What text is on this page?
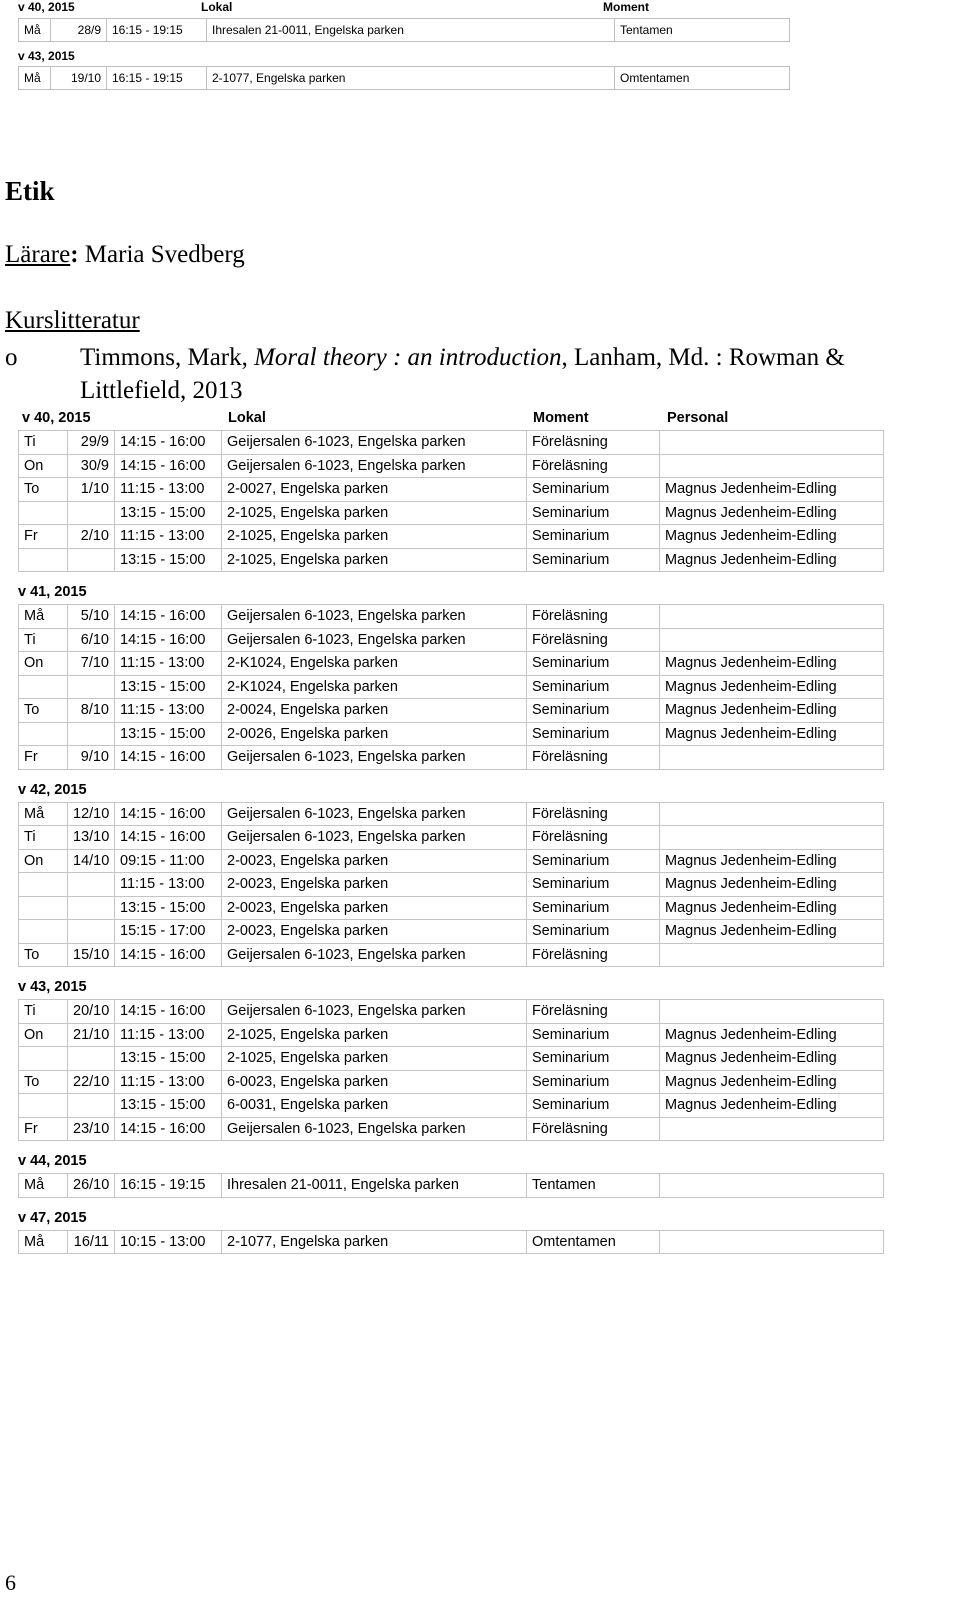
v 40, 2015	Lokal	Moment
Må	28/9 16:15 - 19:15	Ihresalen 21-0011, Engelska parken	Tentamen
v 43, 2015
Må	19/10 16:15 - 19:15	2-1077, Engelska parken	Omtentamen
Etik
Lärare: Maria Svedberg
Kurslitteratur
o	Timmons, Mark, Moral theory : an introduction, Lanham, Md. : Rowman & Littlefield, 2013
v 40, 2015	Lokal	Moment	Personal
Ti	29/9	14:15 - 16:00	Geijersalen 6-1023, Engelska parken	Föreläsning	
On	30/9	14:15 - 16:00	Geijersalen 6-1023, Engelska parken	Föreläsning	
To	1/10	11:15 - 13:00	2-0027, Engelska parken	Seminarium	Magnus Jedenheim-Edling
		13:15 - 15:00	2-1025, Engelska parken	Seminarium	Magnus Jedenheim-Edling
Fr	2/10	11:15 - 13:00	2-1025, Engelska parken	Seminarium	Magnus Jedenheim-Edling
		13:15 - 15:00	2-1025, Engelska parken	Seminarium	Magnus Jedenheim-Edling
v 41, 2015
Må	5/10	14:15 - 16:00	Geijersalen 6-1023, Engelska parken	Föreläsning	
Ti	6/10	14:15 - 16:00	Geijersalen 6-1023, Engelska parken	Föreläsning	
On	7/10	11:15 - 13:00	2-K1024, Engelska parken	Seminarium	Magnus Jedenheim-Edling
		13:15 - 15:00	2-K1024, Engelska parken	Seminarium	Magnus Jedenheim-Edling
To	8/10	11:15 - 13:00	2-0024, Engelska parken	Seminarium	Magnus Jedenheim-Edling
		13:15 - 15:00	2-0026, Engelska parken	Seminarium	Magnus Jedenheim-Edling
Fr	9/10	14:15 - 16:00	Geijersalen 6-1023, Engelska parken	Föreläsning	
v 42, 2015
Må	12/10	14:15 - 16:00	Geijersalen 6-1023, Engelska parken	Föreläsning	
Ti	13/10	14:15 - 16:00	Geijersalen 6-1023, Engelska parken	Föreläsning	
On	14/10	09:15 - 11:00	2-0023, Engelska parken	Seminarium	Magnus Jedenheim-Edling
		11:15 - 13:00	2-0023, Engelska parken	Seminarium	Magnus Jedenheim-Edling
		13:15 - 15:00	2-0023, Engelska parken	Seminarium	Magnus Jedenheim-Edling
		15:15 - 17:00	2-0023, Engelska parken	Seminarium	Magnus Jedenheim-Edling
To	15/10	14:15 - 16:00	Geijersalen 6-1023, Engelska parken	Föreläsning	
v 43, 2015
Ti	20/10	14:15 - 16:00	Geijersalen 6-1023, Engelska parken	Föreläsning	
On	21/10	11:15 - 13:00	2-1025, Engelska parken	Seminarium	Magnus Jedenheim-Edling
		13:15 - 15:00	2-1025, Engelska parken	Seminarium	Magnus Jedenheim-Edling
To	22/10	11:15 - 13:00	6-0023, Engelska parken	Seminarium	Magnus Jedenheim-Edling
		13:15 - 15:00	6-0031, Engelska parken	Seminarium	Magnus Jedenheim-Edling
Fr	23/10	14:15 - 16:00	Geijersalen 6-1023, Engelska parken	Föreläsning	
v 44, 2015
Må	26/10	16:15 - 19:15	Ihresalen 21-0011, Engelska parken	Tentamen	
v 47, 2015
Må	16/11	10:15 - 13:00	2-1077, Engelska parken	Omtentamen	
6
